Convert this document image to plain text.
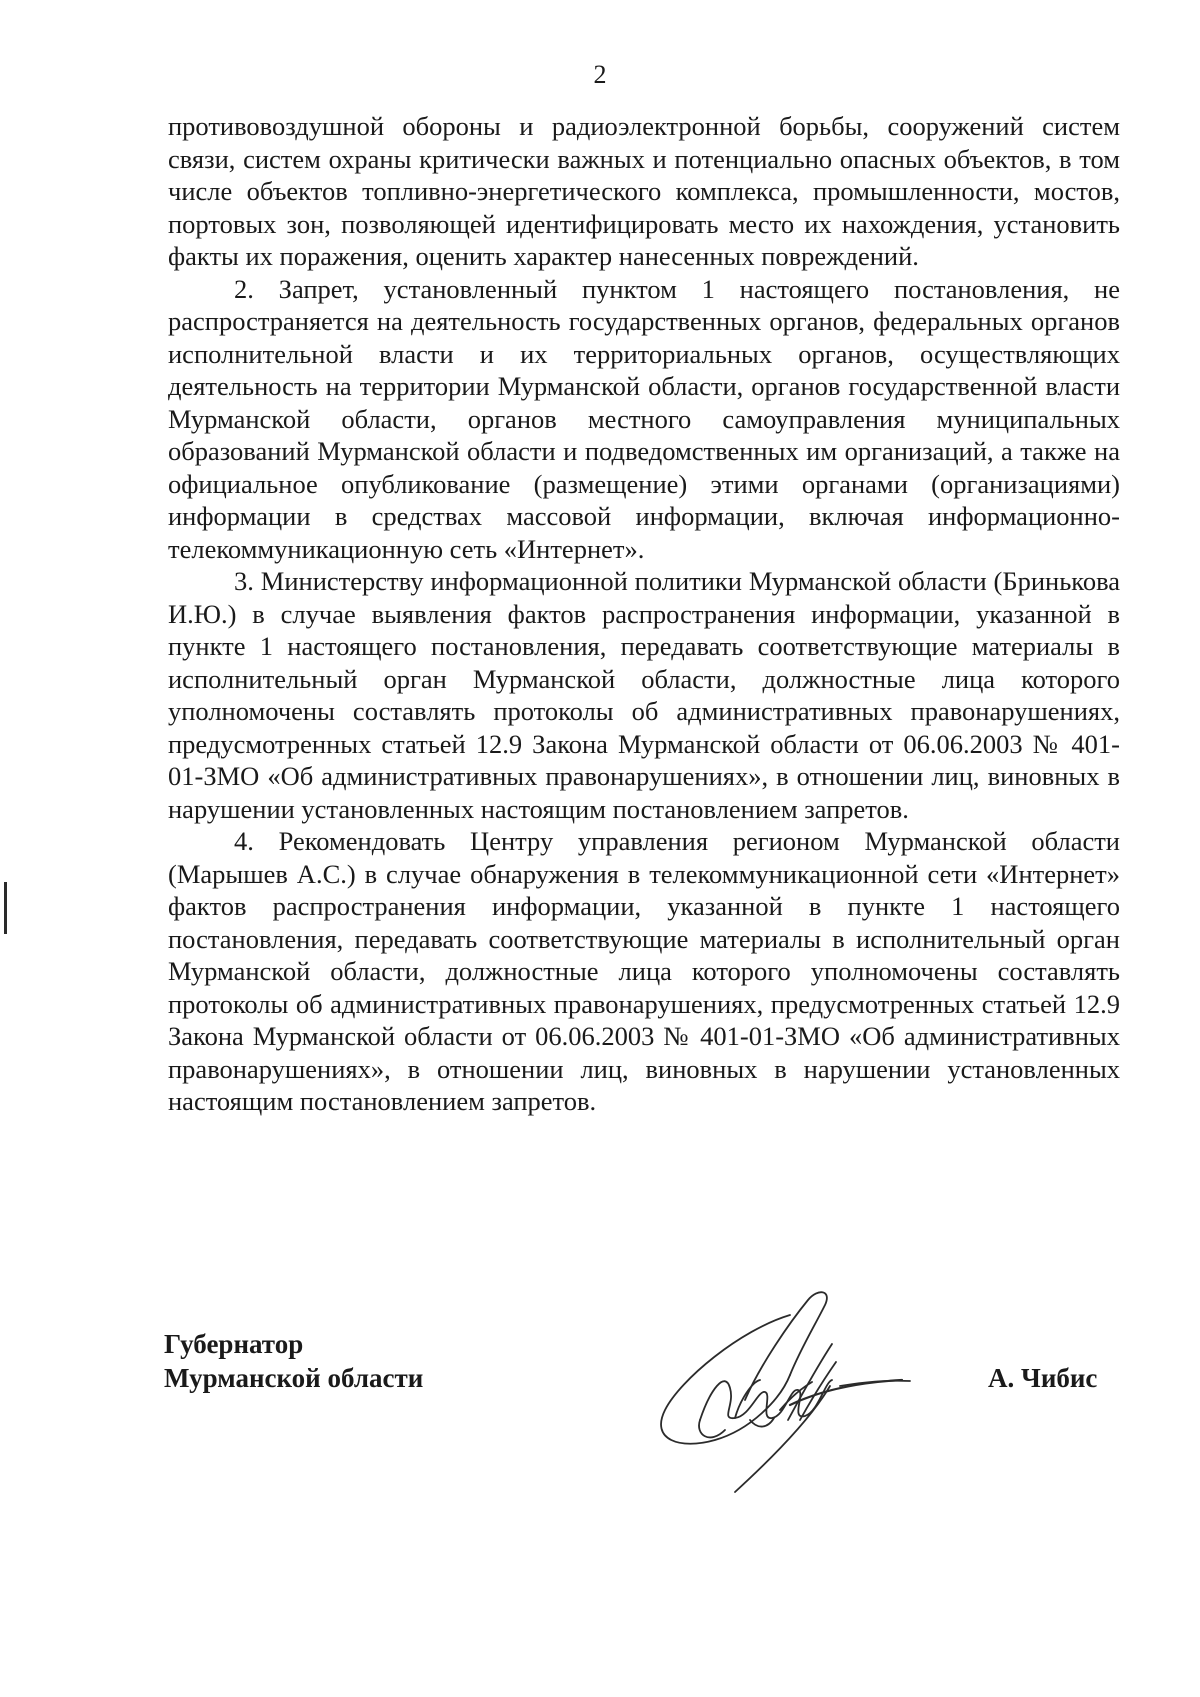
2

противовоздушной обороны и радиоэлектронной борьбы, сооружений систем связи, систем охраны критически важных и потенциально опасных объектов, в том числе объектов топливно-энергетического комплекса, промышленности, мостов, портовых зон, позволяющей идентифицировать место их нахождения, установить факты их поражения, оценить характер нанесенных повреждений.

2. Запрет, установленный пунктом 1 настоящего постановления, не распространяется на деятельность государственных органов, федеральных органов исполнительной власти и их территориальных органов, осуществляющих деятельность на территории Мурманской области, органов государственной власти Мурманской области, органов местного самоуправления муниципальных образований Мурманской области и подведомственных им организаций, а также на официальное опубликование (размещение) этими органами (организациями) информации в средствах массовой информации, включая информационно-телекоммуникационную сеть «Интернет».

3. Министерству информационной политики Мурманской области (Бринькова И.Ю.) в случае выявления фактов распространения информации, указанной в пункте 1 настоящего постановления, передавать соответствующие материалы в исполнительный орган Мурманской области, должностные лица которого уполномочены составлять протоколы об административных правонарушениях, предусмотренных статьей 12.9 Закона Мурманской области от 06.06.2003 № 401-01-ЗМО «Об административных правонарушениях», в отношении лиц, виновных в нарушении установленных настоящим постановлением запретов.

4. Рекомендовать Центру управления регионом Мурманской области (Марышев А.С.) в случае обнаружения в телекоммуникационной сети «Интернет» фактов распространения информации, указанной в пункте 1 настоящего постановления, передавать соответствующие материалы в исполнительный орган Мурманской области, должностные лица которого уполномочены составлять протоколы об административных правонарушениях, предусмотренных статьей 12.9 Закона Мурманской области от 06.06.2003 № 401-01-ЗМО «Об административных правонарушениях», в отношении лиц, виновных в нарушении установленных настоящим постановлением запретов.

Губернатор
Мурманской области	А. Чибис
